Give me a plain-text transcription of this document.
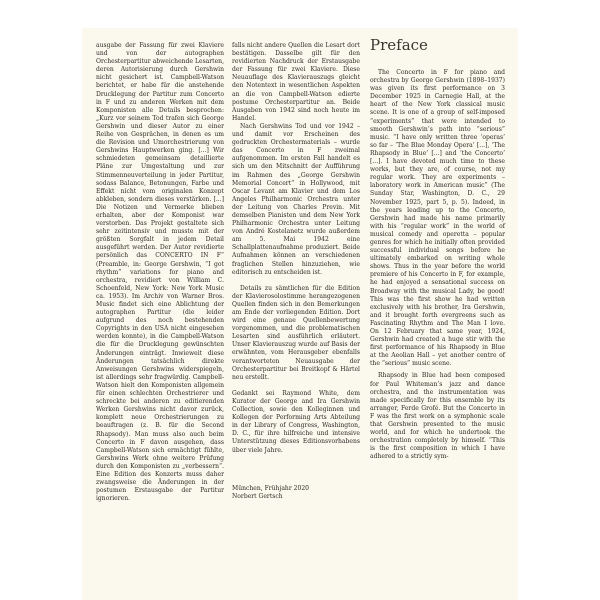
ausgabe der Fassung für zwei Klaviere und von der autographen Orchesterpartitur abweichende Lesarten, deren Autorisierung durch Gershwin nicht gesichert ist. Campbell-Watson berichtet, er habe für die anstehende Drucklegung der Partitur zum Concerto in F und zu anderen Werken mit dem Komponisten alle Details besprochen: „Kurz vor seinem Tod trafen sich George Gershwin und dieser Autor zu einer Reihe von Gesprächen, in denen es um die Revision und Umorchestrierung von Gershwins Hauptwerken ging. [...] Wir schmiedeten gemeinsam detaillierte Pläne zur Umgestaltung und zur Stimmenneuverteilung in jeder Partitur, sodass Balance, Betonungen, Farbe und Effekt nicht vom originalen Konzept abkleben, sondern dieses verstärken. [...] Die Notizen und Vermerke blieben erhalten, aber der Komponist war verstorben. Das Projekt gestaltete sich sehr zeitintensiv und musste mit der größten Sorgfalt in jedem Detail ausgeführt werden. Der Autor revidierte persönlich das CONCERTO IN F“ (Preamble, in: George Gershwin, “I got rhythm” variations for piano and orchestra, revidiert von William C. Schoenfeld, New York: New York Music ca. 1953). Im Archiv von Warner Bros. Music findet sich eine Ablichtung der autographen Partitur (die leider aufgrund des noch bestehenden Copyrights in den USA nicht eingesehen werden konnte), in die Campbell-Watson die für die Drucklegung gewünschten Änderungen einträgt. Inwieweit diese Änderungen tatsächlich direkte Anweisungen Gershwins widerspiegeln, ist allerdings sehr fragwürdig. Campbell-Watson hielt den Komponisten allgemein für einen schlechten Orchestrierer und schreckte bei anderen zu editierenden Werken Gershwins nicht davor zurück, komplett neue Orchestrierungen zu beauftragen (z. B. für die Second Rhapsody). Man muss also auch beim Concerto in F davon ausgehen, dass Campbell-Watson sich ermächtigt fühlte, Gershwins Werk ohne weitere Prüfung durch den Komponisten zu „verbessern“. Eine Edition des Konzerts muss daher zwangsweise die Änderungen in der postumen Erstausgabe der Partitur ignorieren.

falls nicht andere Quellen die Lesart dort bestätigen. Dasselbe gilt für den revidierten Nachdruck der Erstausgabe der Fassung für zwei Klaviere. Diese Neuauflage des Klavierauszugs gleicht den Notentext in wesentlichen Aspekten an die von Campbell-Watson edierte postume Orchesterpartitur an. Beide Ausgaben von 1942 sind noch heute im Handel.

Nach Gershwins Tod und vor 1942 – und damit vor Erscheinen des gedruckten Orchestermaterials – wurde das Concerto in F zweimal aufgenommen. Im ersten Fall handelt es sich um den Mitschnitt der Aufführung im Rahmen des „George Gershwin Memorial Concert“ in Hollywood, mit Oscar Levant am Klavier und dem Los Angeles Philharmonic Orchestra unter der Leitung von Charles Previn. Mit demselben Pianisten und dem New York Philharmonic Orchestra unter Leitung von André Kostelanetz wurde außerdem am 5. Mai 1942 eine Schallplattenaufnahme produziert. Beide Aufnahmen können an verschiedenen fraglichen Stellen hinzuziehen, wie editorisch zu entscheiden ist.

Details zu sämtlichen für die Edition der Klavierosolostimme herangezogenen Quellen finden sich in den Bemerkungen am Ende der vorliegenden Edition. Dort wird eine genaue Quellenbewertung vorgenommen, und die problematischen Lesarten sind ausführlich erläutert. Unser Klavierauszug wurde auf Basis der erwähnten, vom Herausgeber ebenfalls verantworteten Neuausgabe der Orchesterpartitur bei Breitkopf & Härtel neu erstellt.

Gedankt sei Raymond White, dem Kurator der George and Ira Gershwin Collection, sowie den Kolleginnen und Kollegen der Performing Arts Abteilung in der Library of Congress, Washington, D. C., für ihre hilfreiche und intensive Unterstützung dieses Editionsvorhabens über viele Jahre.

München, Frühjahr 2020

Norbert Gertsch

Preface

The Concerto in F for piano and orchestra by George Gershwin (1898–1937) was given its first performance on 3 December 1925 in Carnegie Hall, at the heart of the New York classical music scene. It is one of a group of self-imposed “experiments” that were intended to smooth Gershwin’s path into “serious” music. “I have only written three ‘operas’ so far – ‘The Blue Monday Opera’ [...], ‘The Rhapsody in Blue’ [...] and ‘the Concerto’ [...]. I have devoted much time to these works, but they are, of course, not my regular work. They are experiments – laboratory work in American music” (The Sunday Star, Washington, D. C., 29 November 1925, part 5, p. 5). Indeed, in the years leading up to the Concerto, Gershwin had made his name primarily with his “regular work” in the world of musical comedy and operetta – popular genres for which he initially often provided successful individual songs before he ultimately embarked on writing whole shows. Thus in the year before the world premiere of his Concerto in F, for example, he had enjoyed a sensational success on Broadway with the musical Lady, be good! This was the first show he had written exclusively with his brother, Ira Gershwin, and it brought forth evergreens such as Fascinating Rhythm and The Man I love. On 12 February that same year, 1924, Gershwin had created a huge stir with the first performance of his Rhapsody in Blue at the Aeolian Hall – yet another centre of the “serious” music scene.

Rhapsody in Blue had been composed for Paul Whiteman’s jazz and dance orchestra, and the instrumentation was made specifically for this ensemble by its arranger, Ferde Grofé. But the Concerto in F was the first work on a symphonic scale that Gershwin presented to the music world, and for which he undertook the orchestration completely by himself. “This is the first composition in which I have adhered to a strictly sym-
